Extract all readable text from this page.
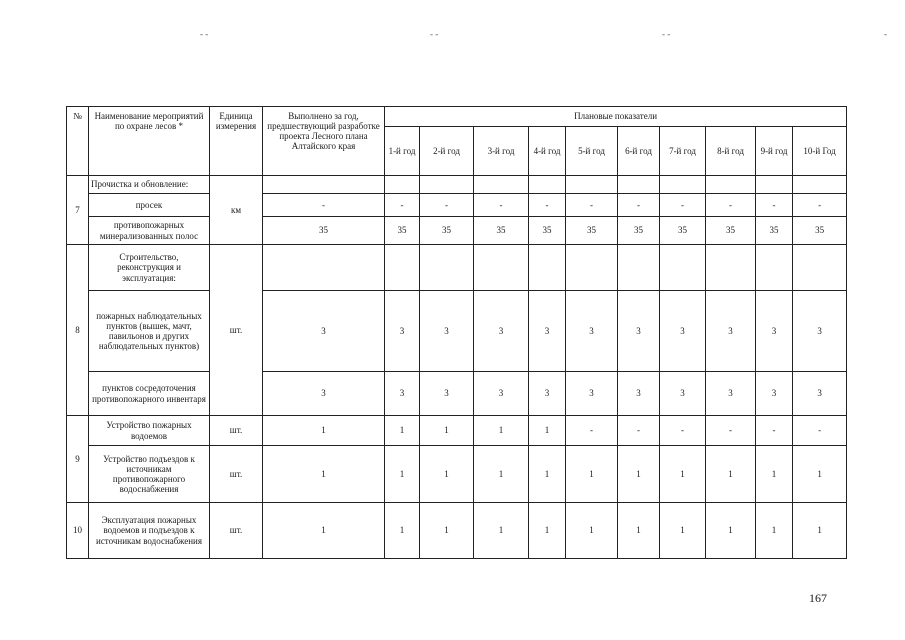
- -	- -	- -	-
№	Наименование мероприятий по охране лесов *	Единица измерения	Выполнено за год, предшествующий разработке проекта Лесного плана Алтайского края	Плановые показатели									
				1-й год	2-й год	3-й год	4-й год	5-й год	6-й год	7-й год	8-й год	9-й год	10-й Год
7	Прочистка и обновление:	км											
	просек		-	-	-	-	-	-	-	-	-	-	-
	противопожарных минерализованных полос		35	35	35	35	35	35	35	35	35	35	35
8	Строительство, реконструкция и эксплуатация:	шт.											
	пожарных наблюдательных пунктов (вышек, мачт, павильонов и других наблюдательных пунктов)		3	3	3	3	3	3	3	3	3	3	3
	пунктов сосредоточения противопожарного инвентаря		3	3	3	3	3	3	3	3	3	3	3
9	Устройство пожарных водоемов	шт.	1	1	1	1	1	-	-	-	-	-	-
	Устройство подъездов к источникам противопожарного водоснабжения	шт.	1	1	1	1	1	1	1	1	1	1	1
10	Эксплуатация пожарных водоемов и подъездов к источникам водоснабжения	шт.	1	1	1	1	1	1	1	1	1	1	1
167
